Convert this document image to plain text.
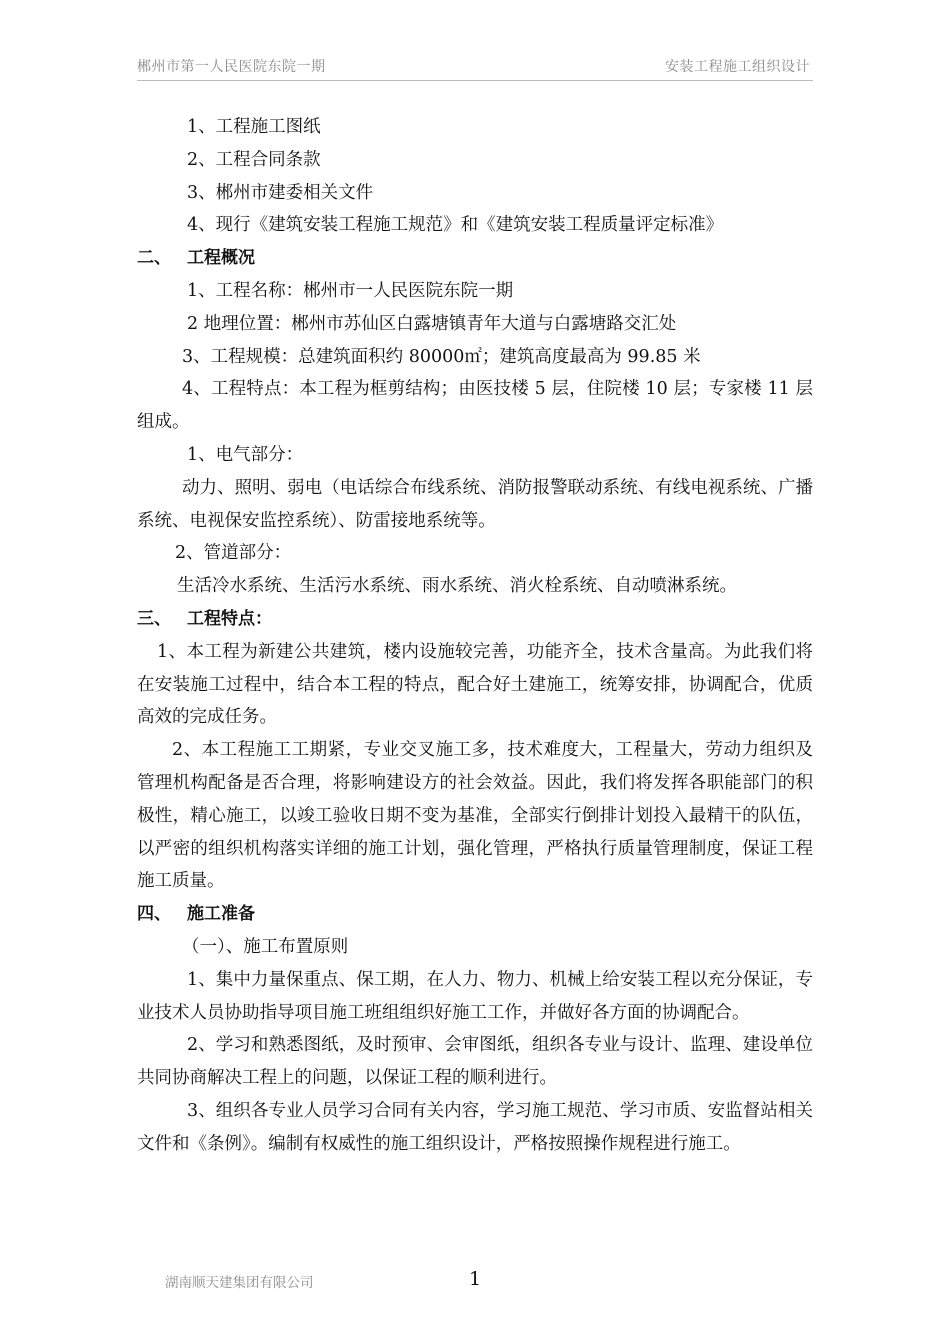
郴州市第一人民医院东院一期	安装工程施工组织设计

1、工程施工图纸

2、工程合同条款

3、郴州市建委相关文件

4、现行《建筑安装工程施工规范》和《建筑安装工程质量评定标准》

二、 工程概况

1、工程名称：郴州市一人民医院东院一期

2 地理位置：郴州市苏仙区白露塘镇青年大道与白露塘路交汇处

3、工程规模：总建筑面积约 80000㎡；建筑高度最高为 99.85 米

4、工程特点：本工程为框剪结构；由医技楼 5 层，住院楼 10 层；专家楼 11 层组成。

1、电气部分：

动力、照明、弱电（电话综合布线系统、消防报警联动系统、有线电视系统、广播系统、电视保安监控系统）、防雷接地系统等。

2、管道部分：

生活冷水系统、生活污水系统、雨水系统、消火栓系统、自动喷淋系统。

三、 工程特点：

1、本工程为新建公共建筑，楼内设施较完善，功能齐全，技术含量高。为此我们将在安装施工过程中，结合本工程的特点，配合好土建施工，统筹安排，协调配合，优质高效的完成任务。

2、本工程施工工期紧，专业交叉施工多，技术难度大，工程量大，劳动力组织及管理机构配备是否合理，将影响建设方的社会效益。因此，我们将发挥各职能部门的积极性，精心施工，以竣工验收日期不变为基准，全部实行倒排计划投入最精干的队伍，以严密的组织机构落实详细的施工计划，强化管理，严格执行质量管理制度，保证工程施工质量。

四、 施工准备

（一）、施工布置原则

1、集中力量保重点、保工期，在人力、物力、机械上给安装工程以充分保证，专业技术人员协助指导项目施工班组组织好施工工作，并做好各方面的协调配合。

2、学习和熟悉图纸，及时预审、会审图纸，组织各专业与设计、监理、建设单位共同协商解决工程上的问题，以保证工程的顺利进行。

3、组织各专业人员学习合同有关内容，学习施工规范、学习市质、安监督站相关文件和《条例》。编制有权威性的施工组织设计，严格按照操作规程进行施工。

湖南顺天建集团有限公司	1
